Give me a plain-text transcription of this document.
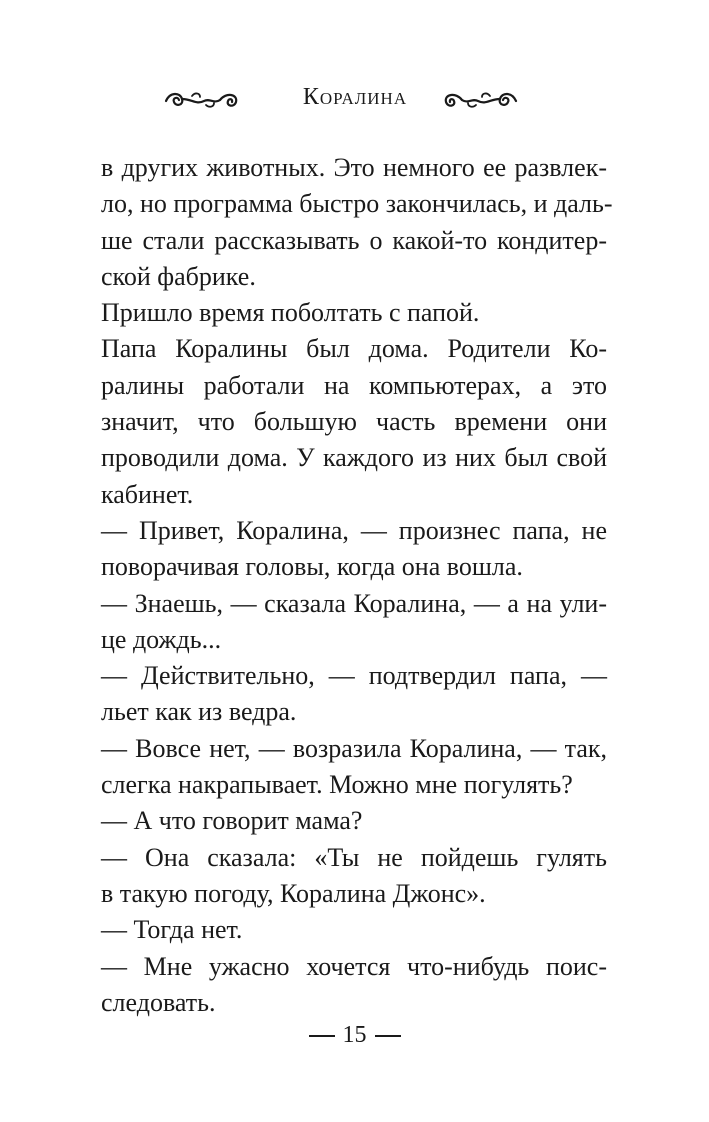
Коралина
в других животных. Это немного ее развлек-
ло, но программа быстро закончилась, и даль-
ше стали рассказывать о какой-то кондитер-
ской фабрике.
Пришло время поболтать с папой.
Папа Коралины был дома. Родители Ко-
ралины работали на компьютерах, а это
значит, что большую часть времени они
проводили дома. У каждого из них был свой
кабинет.
— Привет, Коралина, — произнес папа, не
поворачивая головы, когда она вошла.
— Знаешь, — сказала Коралина, — а на ули-
це дождь...
— Действительно, — подтвердил папа, —
льет как из ведра.
— Вовсе нет, — возразила Коралина, — так,
слегка накрапывает. Можно мне погулять?
— А что говорит мама?
— Она сказала: «Ты не пойдешь гулять
в такую погоду, Коралина Джонс».
— Тогда нет.
— Мне ужасно хочется что-нибудь поис-
следовать.
15
